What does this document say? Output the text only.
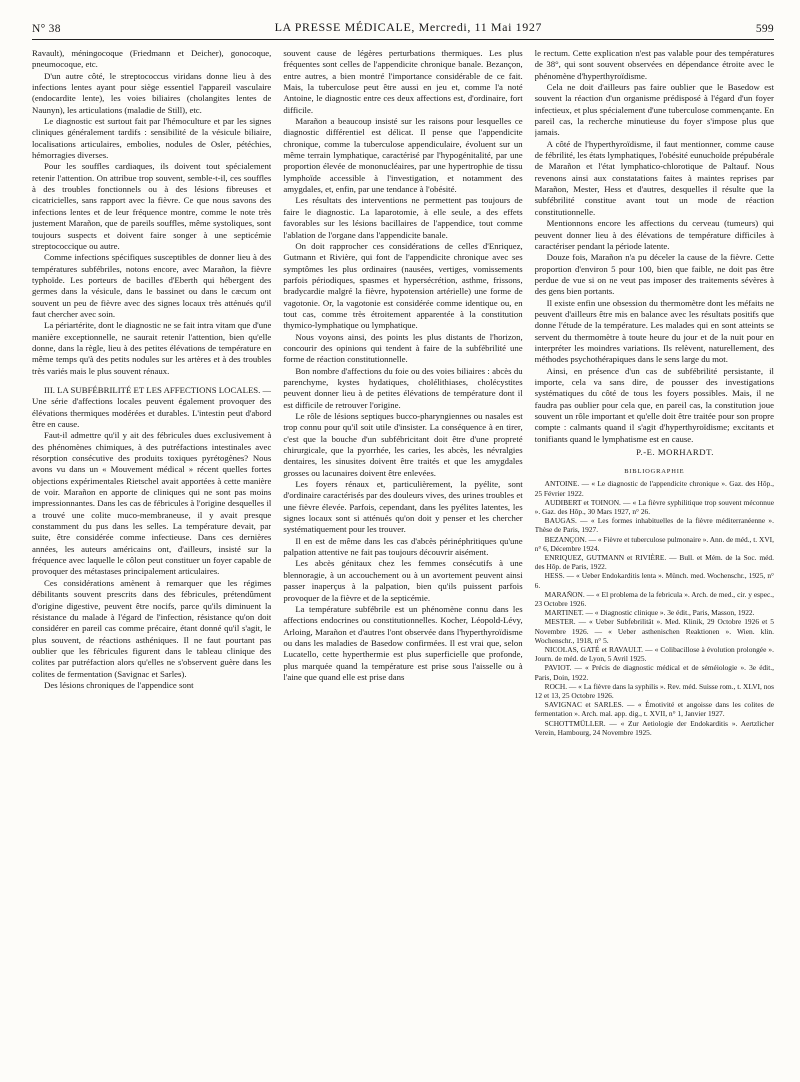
N° 38	LA PRESSE MÉDICALE, Mercredi, 11 Mai 1927	599

Ravault), méningocoque (Friedmann et Deicher), gonocoque, pneumocoque, etc.

D'un autre côté, le streptococcus viridans donne lieu à des infections lentes ayant pour siège essentiel l'appareil vasculaire (endocardite lente), les voies biliaires (cholangites lentes de Naunyn), les articulations (maladie de Still), etc.

Le diagnostic est surtout fait par l'hémoculture et par les signes cliniques généralement tardifs : sensibilité de la vésicule biliaire, localisations articulaires, embolies, nodules de Osler, pétéchies, hémorragies diverses.

Pour les souffles cardiaques, ils doivent tout spécialement retenir l'attention. On attribue trop souvent, semble-t-il, ces souffles à des troubles fonctionnels ou à des lésions fibreuses et cicatricielles, sans rapport avec la fièvre. Ce que nous savons des infections lentes et de leur fréquence montre, comme le note très justement Marañon, que de pareils souffles, même systoliques, sont toujours suspects et doivent faire songer à une septicémie streptococcique ou autre.

Comme infections spécifiques susceptibles de donner lieu à des températures subfébriles, notons encore, avec Marañon, la fièvre typhoïde. Les porteurs de bacilles d'Eberth qui hébergent des germes dans la vésicule, dans le bassinet ou dans le cæcum ont souvent un peu de fièvre avec des signes locaux très atténués qu'il faut chercher avec soin.

La périartérite, dont le diagnostic ne se fait intra vitam que d'une manière exceptionnelle, ne saurait retenir l'attention, bien qu'elle donne, dans la règle, lieu à des petites élévations de température en même temps qu'à des petits nodules sur les artères et à des troubles très variés mais le plus souvent rénaux.

III. LA SUBFÉBRILITÉ ET LES AFFECTIONS LOCALES. — Une série d'affections locales peuvent également provoquer des élévations thermiques modérées et durables. L'intestin peut d'abord être en cause.

Faut-il admettre qu'il y ait des fébricules dues exclusivement à des phénomènes chimiques, à des putréfactions intestinales avec résorption consécutive des produits toxiques pyrétogènes? Nous avons vu dans un « Mouvement médical » récent quelles fortes objections expérimentales Rietschel avait apportées à cette manière de voir. Marañon en apporte de cliniques qui ne sont pas moins impressionnantes. Dans les cas de fébricules à l'origine desquelles il a trouvé une colite muco-membraneuse, il y avait presque constamment du pus dans les selles. La température devait, par suite, être considérée comme infectieuse. Dans ces dernières années, les auteurs américains ont, d'ailleurs, insisté sur la fréquence avec laquelle le côlon peut constituer un foyer capable de provoquer des métastases principalement articulaires.

Ces considérations amènent à remarquer que les régimes débilitants souvent prescrits dans des fébricules, prétendûment d'origine digestive, peuvent être nocifs, parce qu'ils diminuent la résistance du malade à l'égard de l'infection, résistance qu'on doit considérer en pareil cas comme précaire, étant donné qu'il s'agit, le plus souvent, de réactions asthéniques. Il ne faut pourtant pas oublier que les fébricules figurent dans le tableau clinique des colites par putréfaction alors qu'elles ne s'observent guère dans les colites de fermentation (Savignac et Sarles).

Des lésions chroniques de l'appendice sont

souvent cause de légères perturbations thermiques. Les plus fréquentes sont celles de l'appendicite chronique banale. Bezançon, entre autres, a bien montré l'importance considérable de ce fait. Mais, la tuberculose peut être aussi en jeu et, comme l'a noté Antoine, le diagnostic entre ces deux affections est, d'ordinaire, fort difficile.

Marañon a beaucoup insisté sur les raisons pour lesquelles ce diagnostic différentiel est délicat. Il pense que l'appendicite chronique, comme la tuberculose appendiculaire, évoluent sur un même terrain lymphatique, caractérisé par l'hypogénitalité, par une proportion élevée de mononucléaires, par une hypertrophie de tissu lymphoïde accessible à l'investigation, et notamment des amygdales, et, enfin, par une tendance à l'obésité.

Les résultats des interventions ne permettent pas toujours de faire le diagnostic. La laparotomie, à elle seule, a des effets favorables sur les lésions bacillaires de l'appendice, tout comme l'ablation de l'organe dans l'appendicite banale.

On doit rapprocher ces considérations de celles d'Enriquez, Gutmann et Rivière, qui font de l'appendicite chronique avec ses symptômes les plus ordinaires (nausées, vertiges, vomissements parfois périodiques, spasmes et hypersécrétion, asthme, frissons, bradycardie malgré la fièvre, hypotension artérielle) une forme de vagotonie. Or, la vagotonie est considérée comme identique ou, en tout cas, comme très étroitement apparentée à la constitution thymico-lymphatique ou lymphatique.

Nous voyons ainsi, des points les plus distants de l'horizon, concourir des opinions qui tendent à faire de la subfébrilité une forme de réaction constitutionnelle.

Bon nombre d'affections du foie ou des voies biliaires : abcès du parenchyme, kystes hydatiques, cholélithiases, cholécystites peuvent donner lieu à de petites élévations de température dont il est difficile de retrouver l'origine.

Le rôle de lésions septiques bucco-pharyngiennes ou nasales est trop connu pour qu'il soit utile d'insister. La conséquence à en tirer, c'est que la bouche d'un subfébricitant doit être d'une propreté chirurgicale, que la pyorrhée, les caries, les abcès, les névralgies dentaires, les sinusites doivent être traités et que les amygdales grosses ou lacunaires doivent être enlevées.

Les foyers rénaux et, particulièrement, la pyélite, sont d'ordinaire caractérisés par des douleurs vives, des urines troubles et une fièvre élevée. Parfois, cependant, dans les pyélites latentes, les signes locaux sont si atténués qu'on doit y penser et les chercher systématiquement pour les trouver.

Il en est de même dans les cas d'abcès périnéphritiques qu'une palpation attentive ne fait pas toujours découvrir aisément.

Les abcès génitaux chez les femmes consécutifs à une blennoragie, à un accouchement ou à un avortement peuvent ainsi passer inaperçus à la palpation, bien qu'ils puissent parfois provoquer de la fièvre et de la septicémie.

La température subfébrile est un phénomène connu dans les affections endocrines ou constitutionnelles. Kocher, Léopold-Lévy, Arloing, Marañon et d'autres l'ont observée dans l'hyperthyroïdisme ou dans les maladies de Basedow confirmées. Il est vrai que, selon Lucatello, cette hyperthermie est plus superficielle que profonde, plus marquée quand la température est prise sous l'aisselle ou à l'aine que quand elle est prise dans

le rectum. Cette explication n'est pas valable pour des températures de 38°, qui sont souvent observées en dépendance étroite avec le phénomène d'hyperthyroïdisme.

Cela ne doit d'ailleurs pas faire oublier que le Basedow est souvent la réaction d'un organisme prédisposé à l'égard d'un foyer infectieux, et plus spécialement d'une tuberculose commençante. En pareil cas, la recherche minutieuse du foyer s'impose plus que jamais.

A côté de l'hyperthyroïdisme, il faut mentionner, comme cause de fébrilité, les états lymphatiques, l'obésité eunuchoïde prépubérale de Marañon et l'état lymphatico-chlorotique de Paltauf. Nous revenons ainsi aux constatations faites à maintes reprises par Marañon, Mester, Hess et d'autres, desquelles il résulte que la subfébrilité constitue avant tout un mode de réaction constitutionnelle.

Mentionnons encore les affections du cerveau (tumeurs) qui peuvent donner lieu à des élévations de température difficiles à caractériser pendant la période latente.

Douze fois, Marañon n'a pu déceler la cause de la fièvre. Cette proportion d'environ 5 pour 100, bien que faible, ne doit pas être perdue de vue si on ne veut pas imposer des traitements sévères à des gens bien portants.

Il existe enfin une obsession du thermomètre dont les méfaits ne peuvent d'ailleurs être mis en balance avec les résultats positifs que donne l'étude de la température. Les malades qui en sont atteints se servent du thermomètre à toute heure du jour et de la nuit pour en interpréter les moindres variations. Ils relèvent, naturellement, des méthodes psychothérapiques dans le sens large du mot.

Ainsi, en présence d'un cas de subfébrilité persistante, il importe, cela va sans dire, de pousser des investigations systématiques du côté de tous les foyers possibles. Mais, il ne faudra pas oublier pour cela que, en pareil cas, la constitution joue souvent un rôle important et qu'elle doit être traitée pour son propre compte : calmants quand il s'agit d'hyperthyroïdisme; excitants et tonifiants quand le lymphatisme est en cause.

P.-E. MORHARDT.

BIBLIOGRAPHIE

ANTOINE. — « Le diagnostic de l'appendicite chronique ». Gaz. des Hôp., 25 Février 1922.

AUDIBERT et TOINON. — « La fièvre syphilitique trop souvent méconnue ». Gaz. des Hôp., 30 Mars 1927, n° 26.

BAUGAS. — « Les formes inhabituelles de la fièvre méditerranéenne ». Thèse de Paris, 1927.

BEZANÇON. — « Fièvre et tuberculose pulmonaire ». Ann. de méd., t. XVI, n° 6, Décembre 1924.

ENRIQUEZ, GUTMANN et RIVIÈRE. — Bull. et Mém. de la Soc. méd. des Hôp. de Paris, 1922.

HESS. — « Ueber Endokarditis lenta ». Münch. med. Wochenschr., 1925, n° 6.

MARAÑON. — « El problema de la febricula ». Arch. de med., cir. y espec., 23 Octobre 1926.

MARTINET. — « Diagnostic clinique ». 3e édit., Paris, Masson, 1922.

MESTER. — « Ueber Subfebrilität ». Med. Klinik, 29 Octobre 1926 et 5 Novembre 1926. — « Ueber asthenischen Reaktionen ». Wien. klin. Wochenschr., 1918, n° 5.

NICOLAS, GATÉ et RAVAULT. — « Colibacillose à évolution prolongée ». Journ. de méd. de Lyon, 5 Avril 1925.

PAVIOT. — « Précis de diagnostic médical et de séméiologie ». 3e édit., Paris, Doin, 1922.

ROCH. — « La fièvre dans la syphilis ». Rev. méd. Suisse rom., t. XLVI, nos 12 et 13, 25 Octobre 1926.

SAVIGNAC et SARLES. — « Émotivité et angoisse dans les colites de fermentation ». Arch. mal. app. dig., t. XVII, n° 1, Janvier 1927.

SCHOTTMÜLLER. — « Zur Aetiologie der Endokarditis ». Aertzlicher Verein, Hambourg, 24 Novembre 1925.
